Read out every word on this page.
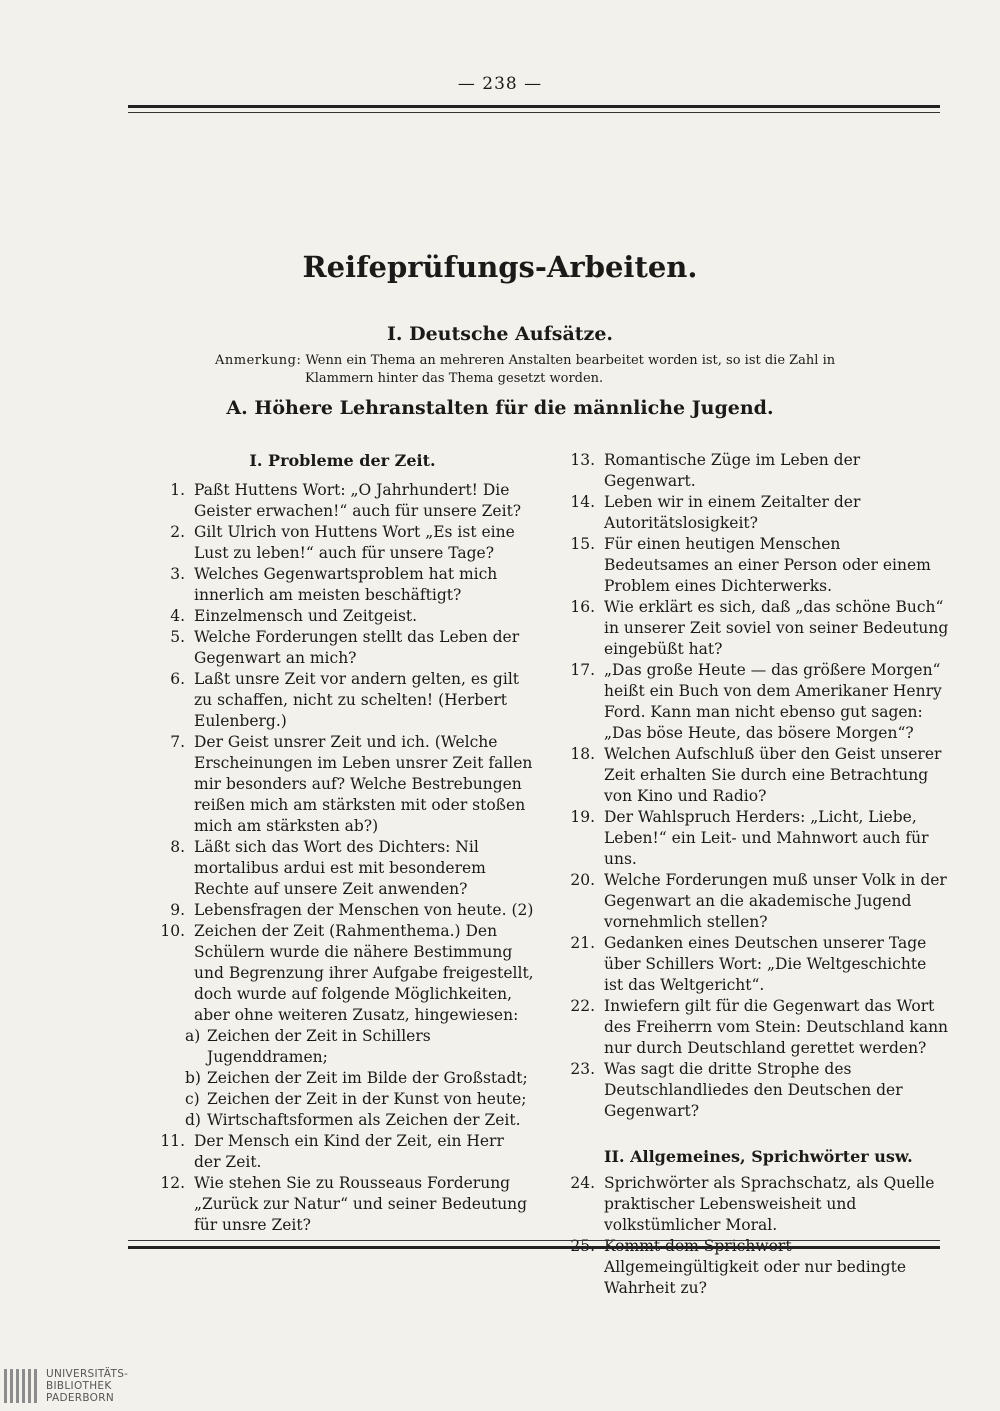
— 238 —
Reifeprüfungs-Arbeiten.
I. Deutsche Aufsätze.
Anmerkung: Wenn ein Thema an mehreren Anstalten bearbeitet worden ist, so ist die Zahl in
Klammern hinter das Thema gesetzt worden.
A. Höhere Lehranstalten für die männliche Jugend.
I. Probleme der Zeit.
1. Paßt Huttens Wort: „O Jahrhundert! Die Geister erwachen!“ auch für unsere Zeit?
2. Gilt Ulrich von Huttens Wort „Es ist eine Lust zu leben!“ auch für unsere Tage?
3. Welches Gegenwartsproblem hat mich innerlich am meisten beschäftigt?
4. Einzelmensch und Zeitgeist.
5. Welche Forderungen stellt das Leben der Gegenwart an mich?
6. Laßt unsre Zeit vor andern gelten, es gilt zu schaffen, nicht zu schelten! (Herbert Eulenberg.)
7. Der Geist unsrer Zeit und ich. (Welche Erscheinungen im Leben unsrer Zeit fallen mir besonders auf? Welche Bestrebungen reißen mich am stärksten mit oder stoßen mich am stärksten ab?)
8. Läßt sich das Wort des Dichters: Nil mortalibus ardui est mit besonderem Rechte auf unsere Zeit anwenden?
9. Lebensfragen der Menschen von heute. (2)
10. Zeichen der Zeit (Rahmenthema.) Den Schülern wurde die nähere Bestimmung und Begrenzung ihrer Aufgabe freigestellt, doch wurde auf folgende Möglichkeiten, aber ohne weiteren Zusatz, hingewiesen:
a) Zeichen der Zeit in Schillers Jugenddramen;
b) Zeichen der Zeit im Bilde der Großstadt;
c) Zeichen der Zeit in der Kunst von heute;
d) Wirtschaftsformen als Zeichen der Zeit.
11. Der Mensch ein Kind der Zeit, ein Herr der Zeit.
12. Wie stehen Sie zu Rousseaus Forderung „Zurück zur Natur“ und seiner Bedeutung für unsre Zeit?
13. Romantische Züge im Leben der Gegenwart.
14. Leben wir in einem Zeitalter der Autoritätslosigkeit?
15. Für einen heutigen Menschen Bedeutsames an einer Person oder einem Problem eines Dichterwerks.
16. Wie erklärt es sich, daß „das schöne Buch“ in unserer Zeit soviel von seiner Bedeutung eingebüßt hat?
17. „Das große Heute — das größere Morgen“ heißt ein Buch von dem Amerikaner Henry Ford. Kann man nicht ebenso gut sagen: „Das böse Heute, das bösere Morgen“?
18. Welchen Aufschluß über den Geist unserer Zeit erhalten Sie durch eine Betrachtung von Kino und Radio?
19. Der Wahlspruch Herders: „Licht, Liebe, Leben!“ ein Leit- und Mahnwort auch für uns.
20. Welche Forderungen muß unser Volk in der Gegenwart an die akademische Jugend vornehmlich stellen?
21. Gedanken eines Deutschen unserer Tage über Schillers Wort: „Die Weltgeschichte ist das Weltgericht“.
22. Inwiefern gilt für die Gegenwart das Wort des Freiherrn vom Stein: Deutschland kann nur durch Deutschland gerettet werden?
23. Was sagt die dritte Strophe des Deutschlandliedes den Deutschen der Gegenwart?
II. Allgemeines, Sprichwörter usw.
24. Sprichwörter als Sprachschatz, als Quelle praktischer Lebensweisheit und volkstümlicher Moral.
25. Kommt dem Sprichwort Allgemeingültigkeit oder nur bedingte Wahrheit zu?
UNIVERSITÄTS-
BIBLIOTHEK
PADERBORN
